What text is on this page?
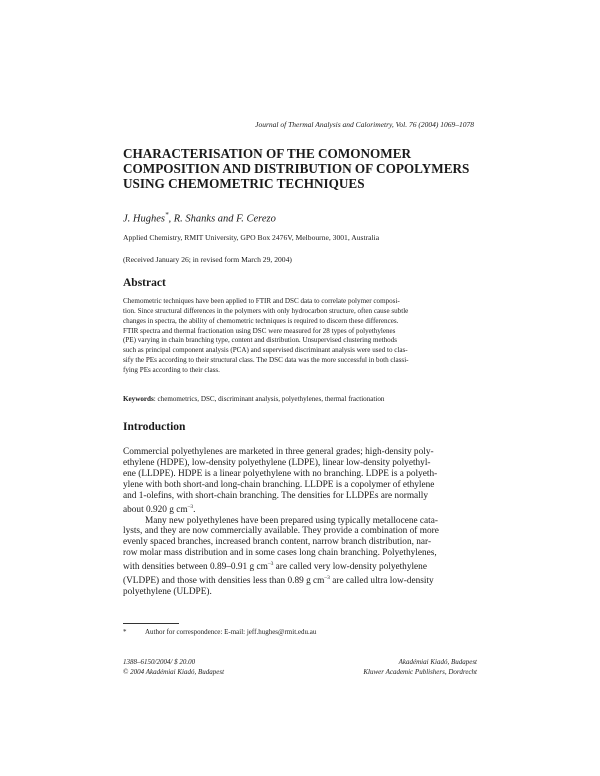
Journal of Thermal Analysis and Calorimetry, Vol. 76 (2004) 1069–1078
CHARACTERISATION OF THE COMONOMER
COMPOSITION AND DISTRIBUTION OF COPOLYMERS
USING CHEMOMETRIC TECHNIQUES
J. Hughes*, R. Shanks and F. Cerezo
Applied Chemistry, RMIT University, GPO Box 2476V, Melbourne, 3001, Australia
(Received January 26; in revised form March 29, 2004)
Abstract
Chemometric techniques have been applied to FTIR and DSC data to correlate polymer composi-
tion. Since structural differences in the polymers with only hydrocarbon structure, often cause subtle
changes in spectra, the ability of chemometric techniques is required to discern these differences.
FTIR spectra and thermal fractionation using DSC were measured for 28 types of polyethylenes
(PE) varying in chain branching type, content and distribution. Unsupervised clustering methods
such as principal component analysis (PCA) and supervised discriminant analysis were used to clas-
sify the PEs according to their structural class. The DSC data was the more successful in both classi-
fying PEs according to their class.
Keywords: chemometrics, DSC, discriminant analysis, polyethylenes, thermal fractionation
Introduction
Commercial polyethylenes are marketed in three general grades; high-density poly-
ethylene (HDPE), low-density polyethylene (LDPE), linear low-density polyethyl-
ene (LLDPE). HDPE is a linear polyethylene with no branching. LDPE is a polyeth-
ylene with both short-and long-chain branching. LLDPE is a copolymer of ethylene
and 1-olefins, with short-chain branching. The densities for LLDPEs are normally
about 0.920 g $cm^{-3}$.
Many new polyethylenes have been prepared using typically metallocene cata-
lysts, and they are now commercially available. They provide a combination of more
evenly spaced branches, increased branch content, narrow branch distribution, nar-
row molar mass distribution and in some cases long chain branching. Polyethylenes,
with densities between 0.89–0.91 g $cm^{-3}$ are called very low-density polyethylene
(VLDPE) and those with densities less than 0.89 g $cm^{-3}$ are called ultra low-density
polyethylene (ULDPE).
*	Author for correspondence: E-mail: jeff.hughes@rmit.edu.au
1388–6150/2004/ $ 20.00
© 2004 Akadémiai Kiadó, Budapest
Akadémiai Kiadó, Budapest
Kluwer Academic Publishers, Dordrecht
